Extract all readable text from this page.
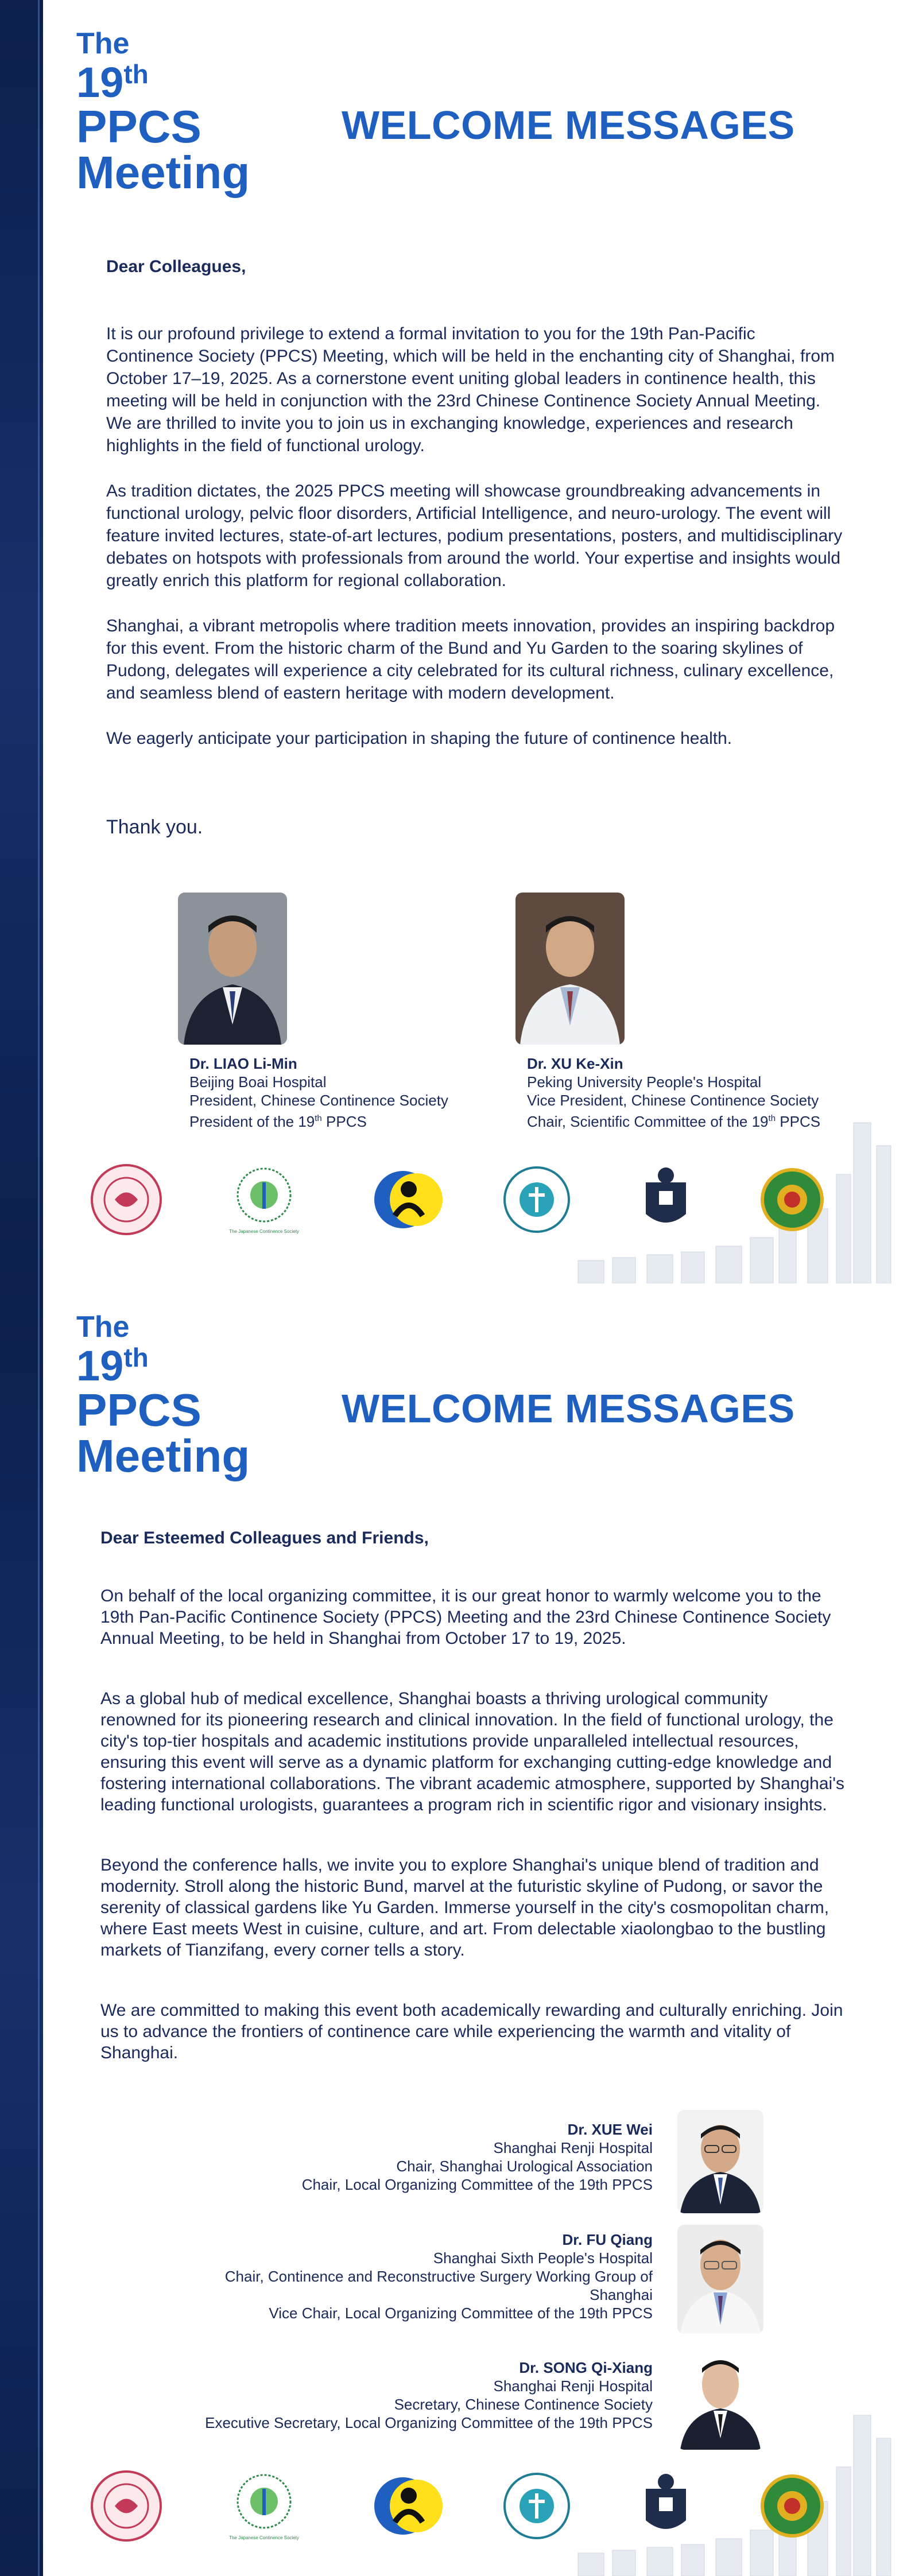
The
19th
PPCS
Meeting
WELCOME MESSAGES

Dear Colleagues,

It is our profound privilege to extend a formal invitation to you for the 19th Pan-Pacific Continence Society (PPCS) Meeting, which will be held in the enchanting city of Shanghai, from October 17–19, 2025. As a cornerstone event uniting global leaders in continence health, this meeting will be held in conjunction with the 23rd Chinese Continence Society Annual Meeting. We are thrilled to invite you to join us in exchanging knowledge, experiences and research highlights in the field of functional urology.

As tradition dictates, the 2025 PPCS meeting will showcase groundbreaking advancements in functional urology, pelvic floor disorders, Artificial Intelligence, and neuro-urology. The event will feature invited lectures, state-of-art lectures, podium presentations, posters, and multidisciplinary debates on hotspots with professionals from around the world. Your expertise and insights would greatly enrich this platform for regional collaboration.

Shanghai, a vibrant metropolis where tradition meets innovation, provides an inspiring backdrop for this event. From the historic charm of the Bund and Yu Garden to the soaring skylines of Pudong, delegates will experience a city celebrated for its cultural richness, culinary excellence, and seamless blend of eastern heritage with modern development.

We eagerly anticipate your participation in shaping the future of continence health.

Thank you.
Dr. LIAO Li-Min
Beijing Boai Hospital
President, Chinese Continence Society
President of the 19th PPCS
Dr. XU Ke-Xin
Peking University People's Hospital
Vice President, Chinese Continence Society
Chair, Scientific Committee of the 19th PPCS
The Japanese Continence Society
The
19th
PPCS
Meeting
WELCOME MESSAGES

Dear Esteemed Colleagues and Friends,

On behalf of the local organizing committee, it is our great honor to warmly welcome you to the 19th Pan-Pacific Continence Society (PPCS) Meeting and the 23rd Chinese Continence Society Annual Meeting, to be held in Shanghai from October 17 to 19, 2025.

As a global hub of medical excellence, Shanghai boasts a thriving urological community renowned for its pioneering research and clinical innovation. In the field of functional urology, the city's top-tier hospitals and academic institutions provide unparalleled intellectual resources, ensuring this event will serve as a dynamic platform for exchanging cutting-edge knowledge and fostering international collaborations. The vibrant academic atmosphere, supported by Shanghai's leading functional urologists, guarantees a program rich in scientific rigor and visionary insights.

Beyond the conference halls, we invite you to explore Shanghai's unique blend of tradition and modernity. Stroll along the historic Bund, marvel at the futuristic skyline of Pudong, or savor the serenity of classical gardens like Yu Garden. Immerse yourself in the city's cosmopolitan charm, where East meets West in cuisine, culture, and art. From delectable xiaolongbao to the bustling markets of Tianzifang, every corner tells a story.

We are committed to making this event both academically rewarding and culturally enriching. Join us to advance the frontiers of continence care while experiencing the warmth and vitality of Shanghai.

Dr. XUE Wei
Shanghai Renji Hospital
Chair, Shanghai Urological Association
Chair, Local Organizing Committee of the 19th PPCS
Dr. FU Qiang
Shanghai Sixth People's Hospital
Chair, Continence and Reconstructive Surgery Working Group of
Shanghai
Vice Chair, Local Organizing Committee of the 19th PPCS
Dr. SONG Qi-Xiang
Shanghai Renji Hospital
Secretary, Chinese Continence Society
Executive Secretary, Local Organizing Committee of the 19th PPCS
The Japanese Continence Society
